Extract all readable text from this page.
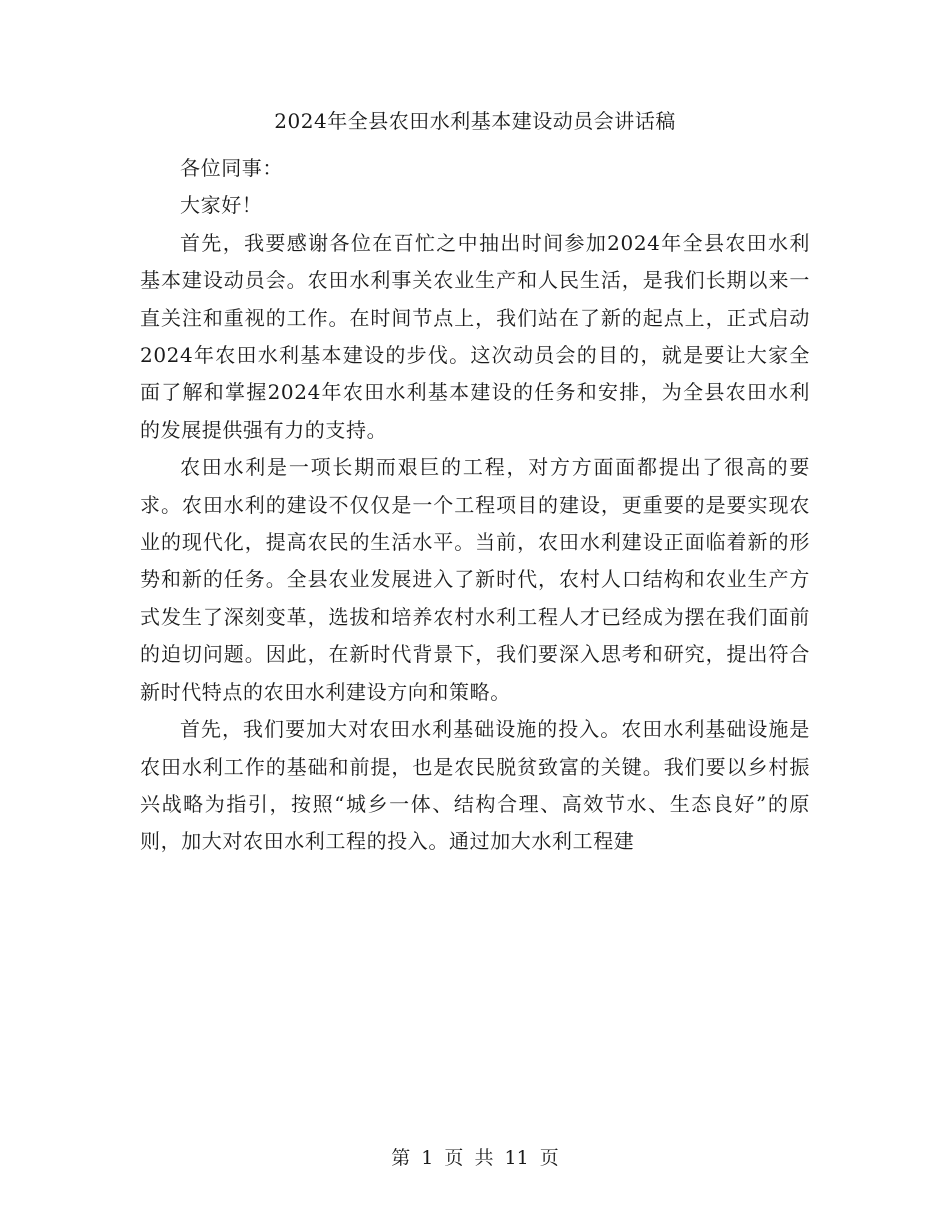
2024年全县农田水利基本建设动员会讲话稿

各位同事：

大家好！

首先，我要感谢各位在百忙之中抽出时间参加2024年全县农田水利基本建设动员会。农田水利事关农业生产和人民生活，是我们长期以来一直关注和重视的工作。在时间节点上，我们站在了新的起点上，正式启动2024年农田水利基本建设的步伐。这次动员会的目的，就是要让大家全面了解和掌握2024年农田水利基本建设的任务和安排，为全县农田水利的发展提供强有力的支持。

农田水利是一项长期而艰巨的工程，对方方面面都提出了很高的要求。农田水利的建设不仅仅是一个工程项目的建设，更重要的是要实现农业的现代化，提高农民的生活水平。当前，农田水利建设正面临着新的形势和新的任务。全县农业发展进入了新时代，农村人口结构和农业生产方式发生了深刻变革，选拔和培养农村水利工程人才已经成为摆在我们面前的迫切问题。因此，在新时代背景下，我们要深入思考和研究，提出符合新时代特点的农田水利建设方向和策略。

首先，我们要加大对农田水利基础设施的投入。农田水利基础设施是农田水利工作的基础和前提，也是农民脱贫致富的关键。我们要以乡村振兴战略为指引，按照“城乡一体、结构合理、高效节水、生态良好”的原则，加大对农田水利工程的投入。通过加大水利工程建

第 1 页 共 11 页
